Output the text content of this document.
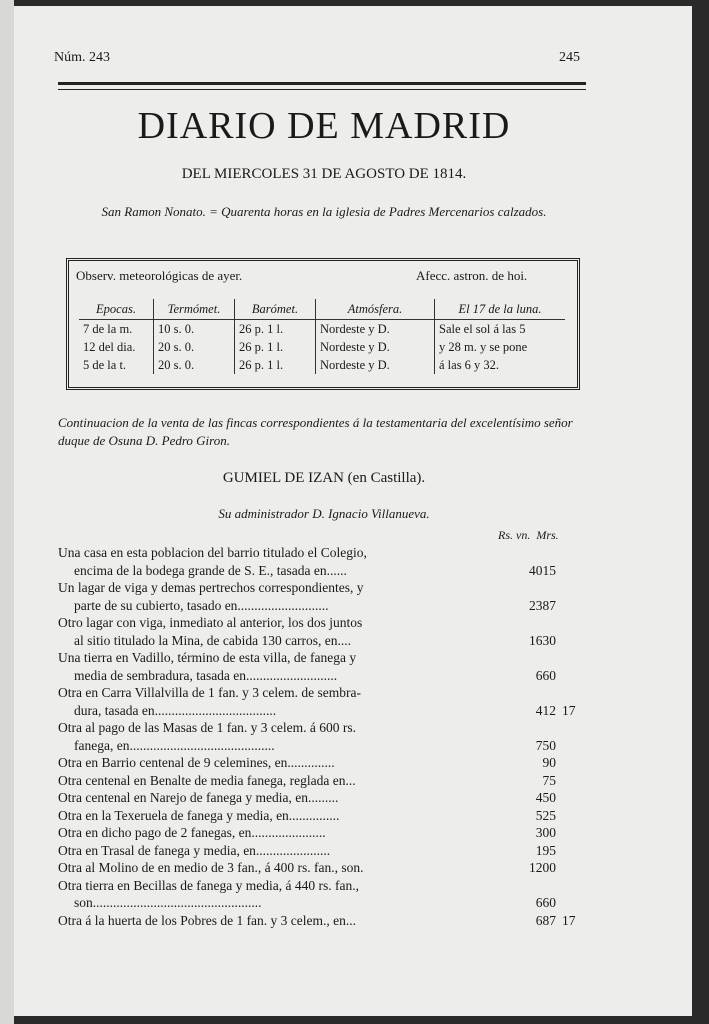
Núm. 243	245
DIARIO DE MADRID
DEL MIERCOLES 31 DE AGOSTO DE 1814.
San Ramon Nonato. = Quarenta horas en la iglesia de Padres Mercenarios calzados.
Epocas.	Termómet.	Barómet.	Atmósfera.	El 17 de la luna.
7 de la m.	10 s. 0.	26 p. 1 l.	Nordeste y D.	Sale el sol á las 5
12 del dia.	20 s. 0.	26 p. 1 l.	Nordeste y D.	y 28 m. y se pone
5 de la t.	20 s. 0.	26 p. 1 l.	Nordeste y D.	á las 6 y 32.
Observ. meteorológicas de ayer.	Afecc. astron. de hoi.
Continuacion de la venta de las fincas correspondientes á la testamentaria del excelentísimo señor duque de Osuna D. Pedro Giron.
GUMIEL DE IZAN (en Castilla).
Su administrador D. Ignacio Villanueva.
Rs. vn. Mrs.
Una casa en esta poblacion del barrio titulado el Colegio,
encima de la bodega grande de S. E., tasada en......	4015
Un lagar de viga y demas pertrechos correspondientes, y
parte de su cubierto, tasado en...........................	2387
Otro lagar con viga, inmediato al anterior, los dos juntos
al sitio titulado la Mina, de cabida 130 carros, en....	1630
Una tierra en Vadillo, término de esta villa, de fanega y
media de sembradura, tasada en...........................	660
Otra en Carra Villalvilla de 1 fan. y 3 celem. de sembra-
dura, tasada en....................................	412 17
Otra al pago de las Masas de 1 fan. y 3 celem. á 600 rs.
fanega, en...........................................	750
Otra en Barrio centenal de 9 celemines, en..............	90
Otra centenal en Benalte de media fanega, reglada en...	75
Otra centenal en Narejo de fanega y media, en.........	450
Otra en la Texeruela de fanega y media, en...............	525
Otra en dicho pago de 2 fanegas, en......................	300
Otra en Trasal de fanega y media, en......................	195
Otra al Molino de en medio de 3 fan., á 400 rs. fan., son.	1200
Otra tierra en Becillas de fanega y media, á 440 rs. fan.,
son..................................................	660
Otra á la huerta de los Pobres de 1 fan. y 3 celem., en...	687 17
